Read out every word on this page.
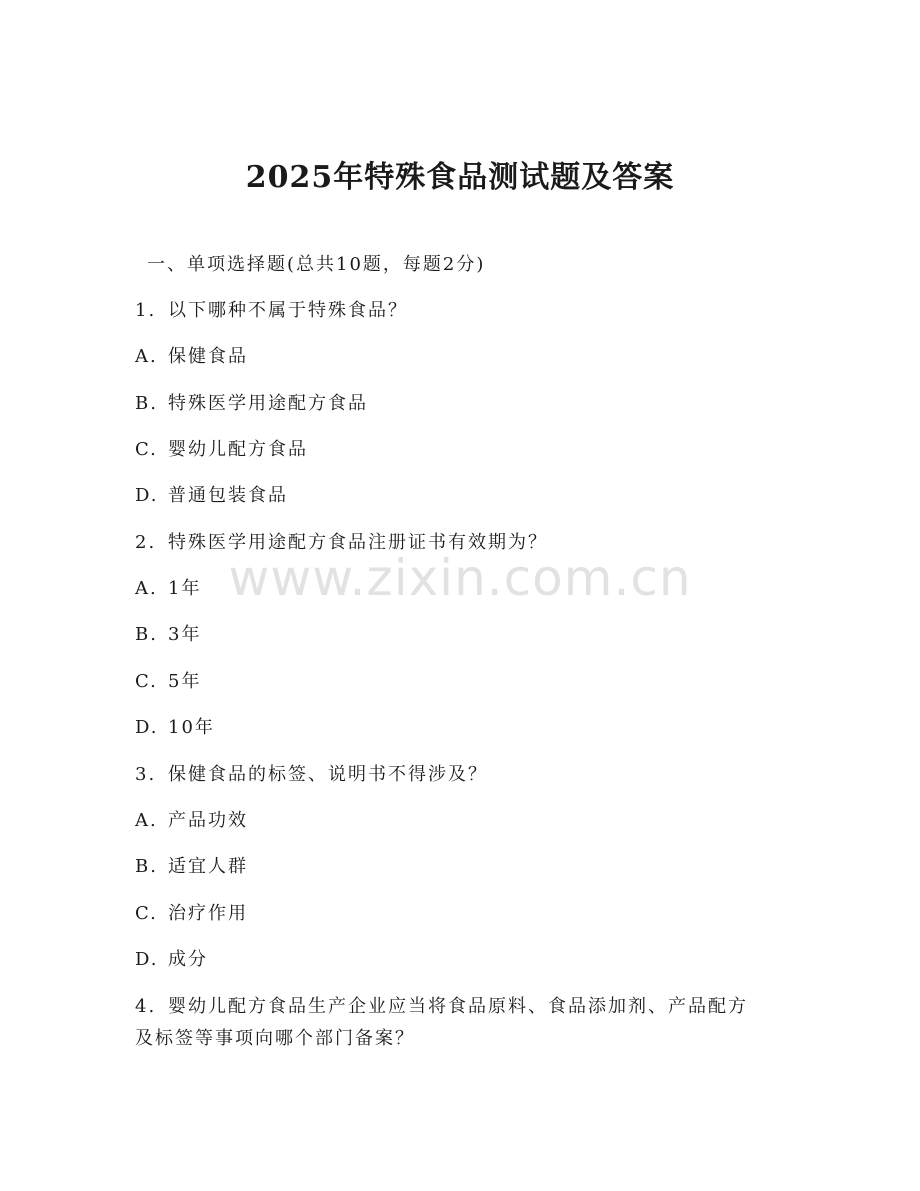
2025年特殊食品测试题及答案

一、单项选择题(总共10题，每题2分)

1. 以下哪种不属于特殊食品？

A. 保健食品

B. 特殊医学用途配方食品

C. 婴幼儿配方食品

D. 普通包装食品

2. 特殊医学用途配方食品注册证书有效期为？

A. 1年

B. 3年

C. 5年

D. 10年

3. 保健食品的标签、说明书不得涉及？

A. 产品功效

B. 适宜人群

C. 治疗作用

D. 成分

4. 婴幼儿配方食品生产企业应当将食品原料、食品添加剂、产品配方

及标签等事项向哪个部门备案？

www.zixin.com.cn
